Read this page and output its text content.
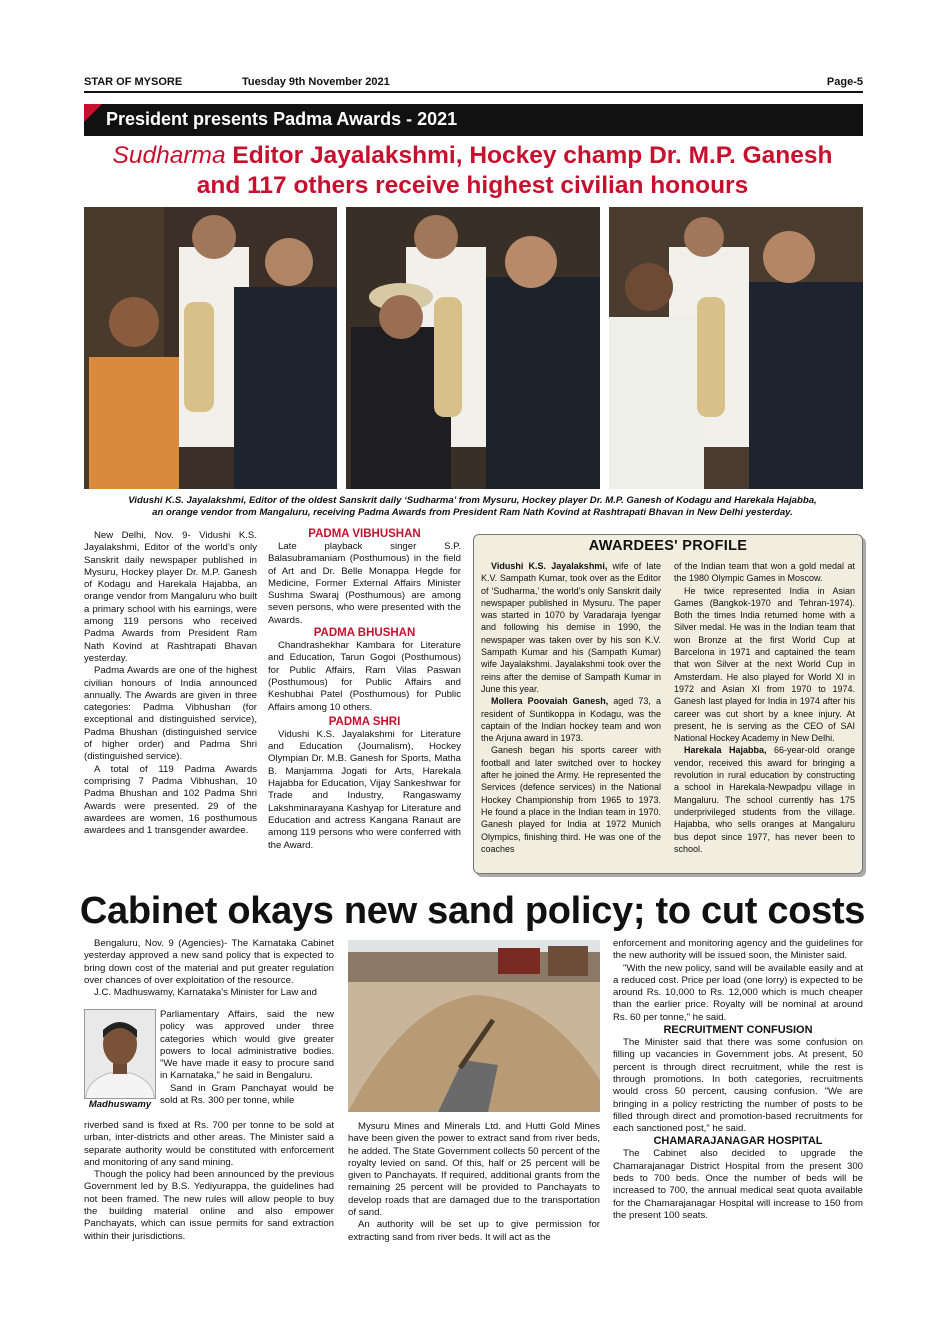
STAR OF MYSORE	Tuesday 9th November 2021	Page-5
President presents Padma Awards - 2021
Sudharma Editor Jayalakshmi, Hockey champ Dr. M.P. Ganesh
and 117 others receive highest civilian honours
Vidushi K.S. Jayalakshmi, Editor of the oldest Sanskrit daily ‘Sudharma’ from Mysuru, Hockey player Dr. M.P. Ganesh of Kodagu and Harekala Hajabba,
an orange vendor from Mangaluru, receiving Padma Awards from President Ram Nath Kovind at Rashtrapati Bhavan in New Delhi yesterday.

New Delhi, Nov. 9- Vidushi K.S. Jayalakshmi, Editor of the world’s only Sanskrit daily newspaper published in Mysuru, Hockey player Dr. M.P. Ganesh of Kodagu and Harekala Hajabba, an orange vendor from Mangaluru who built a primary school with his earnings, were among 119 persons who received Padma Awards from President Ram Nath Kovind at Rashtrapati Bhavan yesterday.

Padma Awards are one of the highest civilian honours of India announced annually. The Awards are given in three categories: Padma Vibhushan (for exceptional and distinguished service), Padma Bhushan (distinguished service of higher order) and Padma Shri (distinguished service).

A total of 119 Padma Awards comprising 7 Padma Vibhushan, 10 Padma Bhushan and 102 Padma Shri Awards were presented. 29 of the awardees are women, 16 posthumous awardees and 1 transgender awardee.

PADMA VIBHUSHAN

Late playback singer S.P. Balasubramaniam (Posthumous) in the field of Art and Dr. Belle Monappa Hegde for Medicine, Former External Affairs Minister Sushma Swaraj (Posthumous) are among seven persons, who were presented with the Awards.

PADMA BHUSHAN

Chandrashekhar Kambara for Literature and Education, Tarun Gogoi (Posthumous) for Public Affairs, Ram Vilas Paswan (Posthumous) for Public Affairs and Keshubhai Patel (Posthumous) for Public Affairs among 10 others.

PADMA SHRI

Vidushi K.S. Jayalakshmi for Literature and Education (Journalism), Hockey Olympian Dr. M.B. Ganesh for Sports, Matha B. Manjamma Jogati for Arts, Harekala Hajabba for Education, Vijay Sankeshwar for Trade and Industry, Rangaswamy Lakshminarayana Kashyap for Literature and Education and actress Kangana Ranaut are among 119 persons who were conferred with the Award.

AWARDEES' PROFILE

Vidushi K.S. Jayalakshmi, wife of late K.V. Sampath Kumar, took over as the Editor of ‘Sudharma,’ the world’s only Sanskrit daily newspaper published in Mysuru. The paper was started in 1070 by Varadaraja Iyengar and following his demise in 1990, the newspaper was taken over by his son K.V. Sampath Kumar and his (Sampath Kumar) wife Jayalakshmi. Jayalakshmi took over the reins after the demise of Sampath Kumar in June this year.

Mollera Poovaiah Ganesh, aged 73, a resident of Suntikoppa in Kodagu, was the captain of the Indian hockey team and won the Arjuna award in 1973.

Ganesh began his sports career with football and later switched over to hockey after he joined the Army. He represented the Services (defence services) in the National Hockey Championship from 1965 to 1973. He found a place in the Indian team in 1970. Ganesh played for India at 1972 Munich Olympics, finishing third. He was one of the coaches

of the Indian team that won a gold medal at the 1980 Olympic Games in Moscow.

He twice represented India in Asian Games (Bangkok-1970 and Tehran-1974). Both the times India returned home with a Silver medal. He was in the Indian team that won Bronze at the first World Cup at Barcelona in 1971 and captained the team that won Silver at the next World Cup in Amsterdam. He also played for World XI in 1972 and Asian XI from 1970 to 1974. Ganesh last played for India in 1974 after his career was cut short by a knee injury. At present, he is serving as the CEO of SAI National Hockey Academy in New Delhi.

Harekala Hajabba, 66-year-old orange vendor, received this award for bringing a revolution in rural education by constructing a school in Harekala-Newpadpu village in Mangaluru. The school currently has 175 underprivileged students from the village. Hajabba, who sells oranges at Mangaluru bus depot since 1977, has never been to school.

Cabinet okays new sand policy; to cut costs

Bengaluru, Nov. 9 (Agencies)- The Karnataka Cabinet yesterday approved a new sand policy that is expected to bring down cost of the material and put greater regulation over chances of over exploitation of the resource.

J.C. Madhuswamy, Karnataka's Minister for Law and

Madhuswamy

Parliamentary Affairs, said the new policy was approved under three categories which would give greater powers to local administrative bodies. "We have made it easy to procure sand in Karnataka," he said in Bengaluru.

Sand in Gram Panchayat would be sold at Rs. 300 per tonne, while

riverbed sand is fixed at Rs. 700 per tonne to be sold at urban, inter-districts and other areas. The Minister said a separate authority would be constituted with enforcement and monitoring of any sand mining.

Though the policy had been announced by the previous Government led by B.S. Yediyurappa, the guidelines had not been framed. The new rules will allow people to buy the building material online and also empower Panchayats, which can issue permits for sand extraction within their jurisdictions.

Mysuru Mines and Minerals Ltd. and Hutti Gold Mines have been given the power to extract sand from river beds, he added. The State Government collects 50 percent of the royalty levied on sand. Of this, half or 25 percent will be given to Panchayats. If required, additional grants from the remaining 25 percent will be provided to Panchayats to develop roads that are damaged due to the transportation of sand.

An authority will be set up to give permission for extracting sand from river beds. It will act as the

enforcement and monitoring agency and the guidelines for the new authority will be issued soon, the Minister said.

"With the new policy, sand will be available easily and at a reduced cost. Price per load (one lorry) is expected to be around Rs. 10,000 to Rs. 12,000 which is much cheaper than the earlier price. Royalty will be nominal at around Rs. 60 per tonne," he said.

RECRUITMENT CONFUSION

The Minister said that there was some confusion on filling up vacancies in Government jobs. At present, 50 percent is through direct recruitment, while the rest is through promotions. In both categories, recruitments would cross 50 percent, causing confusion. "We are bringing in a policy restricting the number of posts to be filled through direct and promotion-based recruitments for each sanctioned post," he said.

CHAMARAJANAGAR HOSPITAL

The Cabinet also decided to upgrade the Chamarajanagar District Hospital from the present 300 beds to 700 beds. Once the number of beds will be increased to 700, the annual medical seat quota available for the Chamarajanagar Hospital will increase to 150 from the present 100 seats.
